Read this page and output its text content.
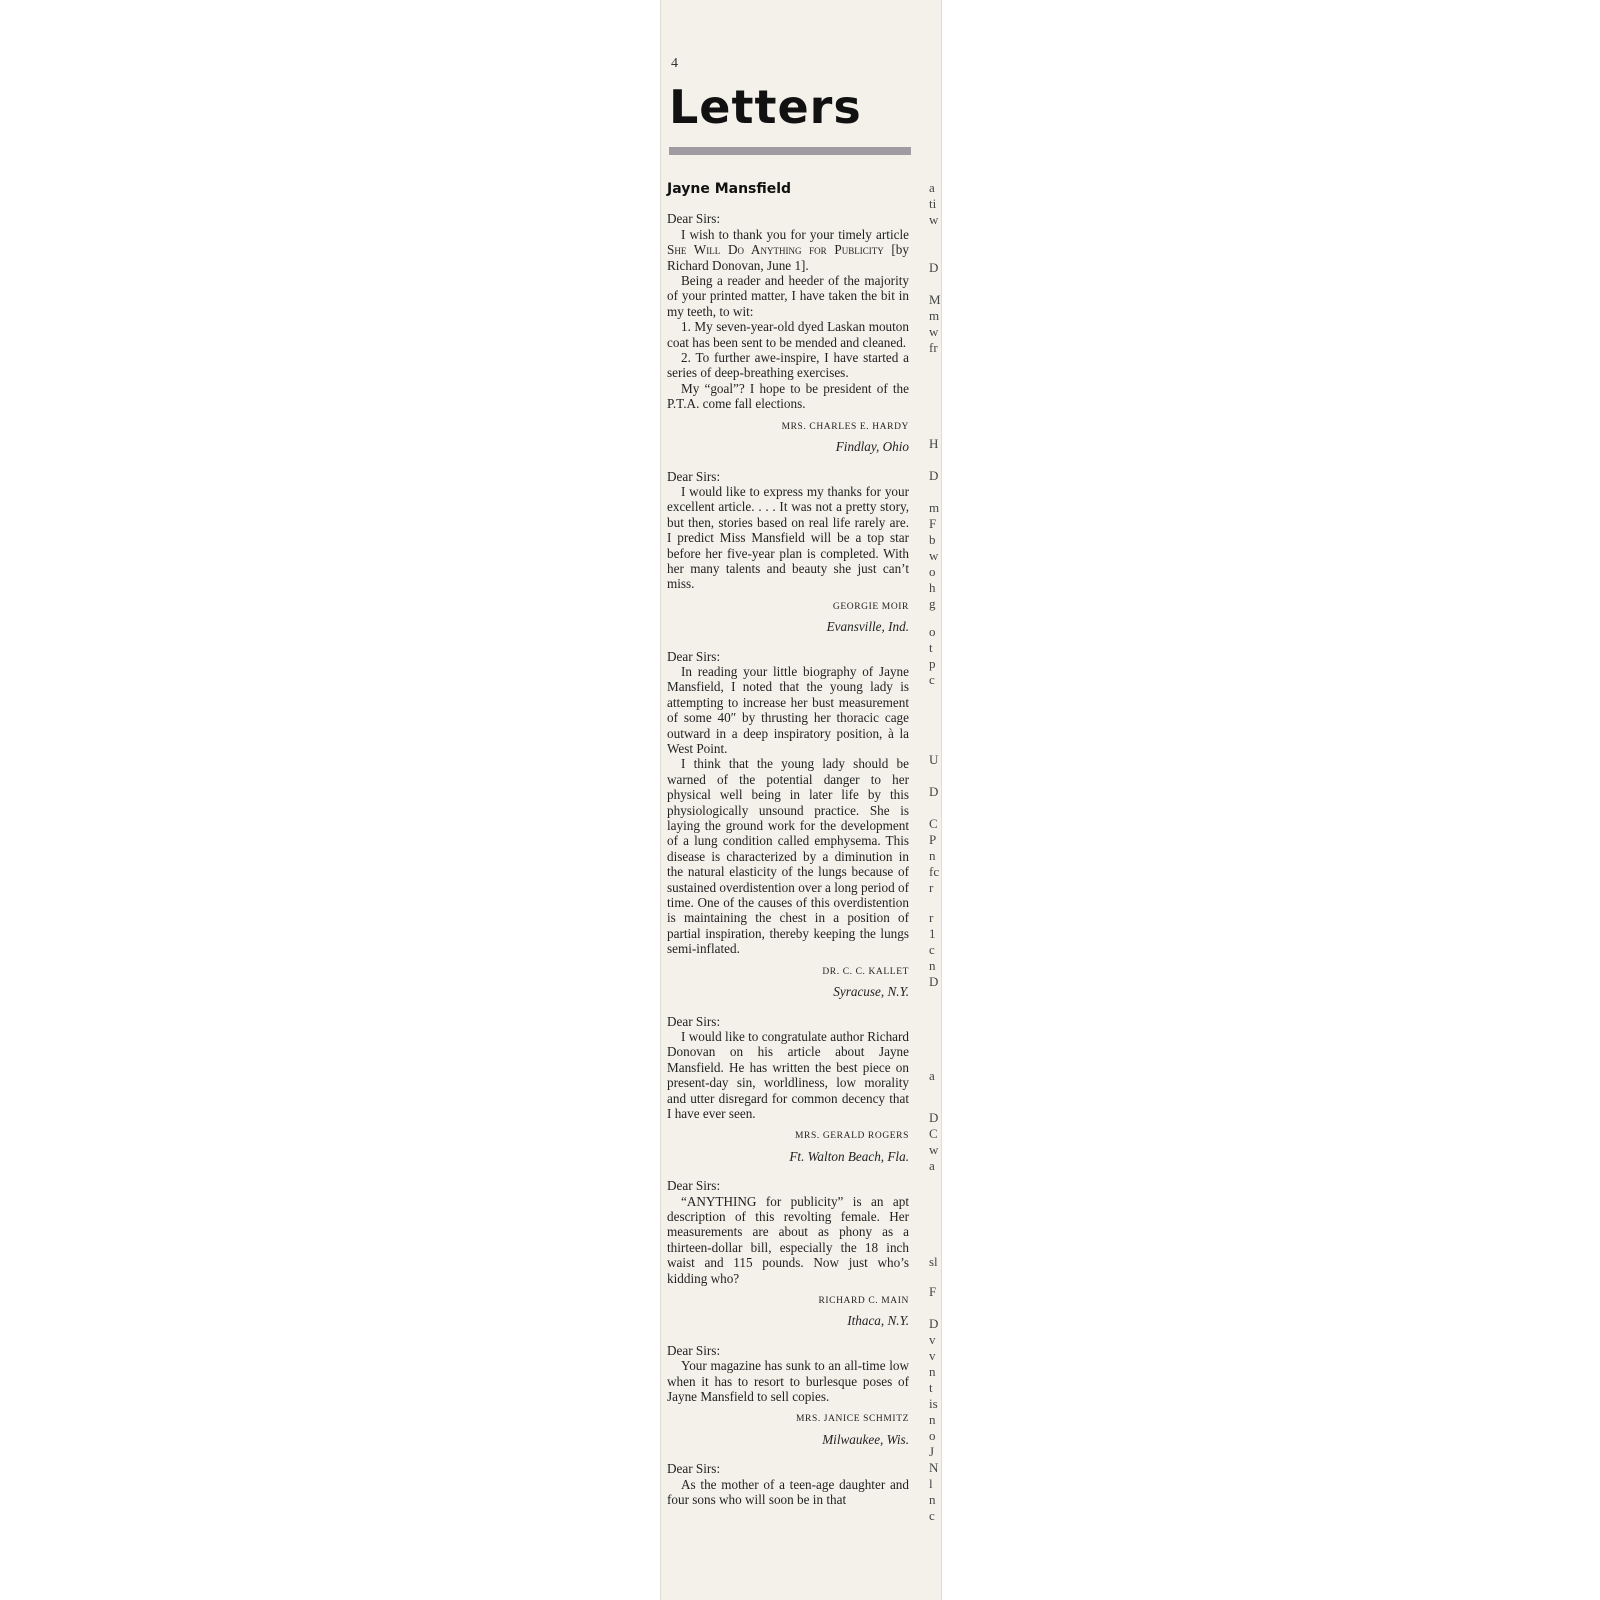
4
Letters
Jayne Mansfield

Dear Sirs:

I wish to thank you for your timely article She Will Do Anything for Publicity [by Richard Donovan, June 1].

Being a reader and heeder of the majority of your printed matter, I have taken the bit in my teeth, to wit:

1. My seven-year-old dyed Laskan mouton coat has been sent to be mended and cleaned.

2. To further awe-inspire, I have started a series of deep-breathing exercises.

My “goal”? I hope to be president of the P.T.A. come fall elections.

MRS. CHARLES E. HARDY
Findlay, Ohio

Dear Sirs:

I would like to express my thanks for your excellent article. . . . It was not a pretty story, but then, stories based on real life rarely are. I predict Miss Mansfield will be a top star before her five-year plan is completed. With her many talents and beauty she just can’t miss.

GEORGIE MOIR
Evansville, Ind.

Dear Sirs:

In reading your little biography of Jayne Mansfield, I noted that the young lady is attempting to increase her bust measurement of some 40″ by thrusting her thoracic cage outward in a deep inspiratory position, à la West Point.

I think that the young lady should be warned of the potential danger to her physical well being in later life by this physiologically unsound practice. She is laying the ground work for the development of a lung condition called emphysema. This disease is characterized by a diminution in the natural elasticity of the lungs because of sustained overdistention over a long period of time. One of the causes of this overdistention is maintaining the chest in a position of partial inspiration, thereby keeping the lungs semi-inflated.

DR. C. C. KALLET
Syracuse, N.Y.

Dear Sirs:

I would like to congratulate author Richard Donovan on his article about Jayne Mansfield. He has written the best piece on present-day sin, worldliness, low morality and utter disregard for common decency that I have ever seen.

MRS. GERALD ROGERS
Ft. Walton Beach, Fla.

Dear Sirs:

“ANYTHING for publicity” is an apt description of this revolting female. Her measurements are about as phony as a thirteen-dollar bill, especially the 18 inch waist and 115 pounds. Now just who’s kidding who?

RICHARD C. MAIN
Ithaca, N.Y.

Dear Sirs:

Your magazine has sunk to an all-time low when it has to resort to burlesque poses of Jayne Mansfield to sell copies.

MRS. JANICE SCHMITZ
Milwaukee, Wis.

Dear Sirs:

As the mother of a teen-age daughter and four sons who will soon be in that

a
ti
w
D
M
m
w
fr
H
D
m
F
b
w
o
h
g
o
t
p
c
U
D
C
P
n
fc
r
r
1
c
n
D
a
D
C
w
a
sl
F
D
v
v
n
t
is
n
o
J
N
l
n
c
